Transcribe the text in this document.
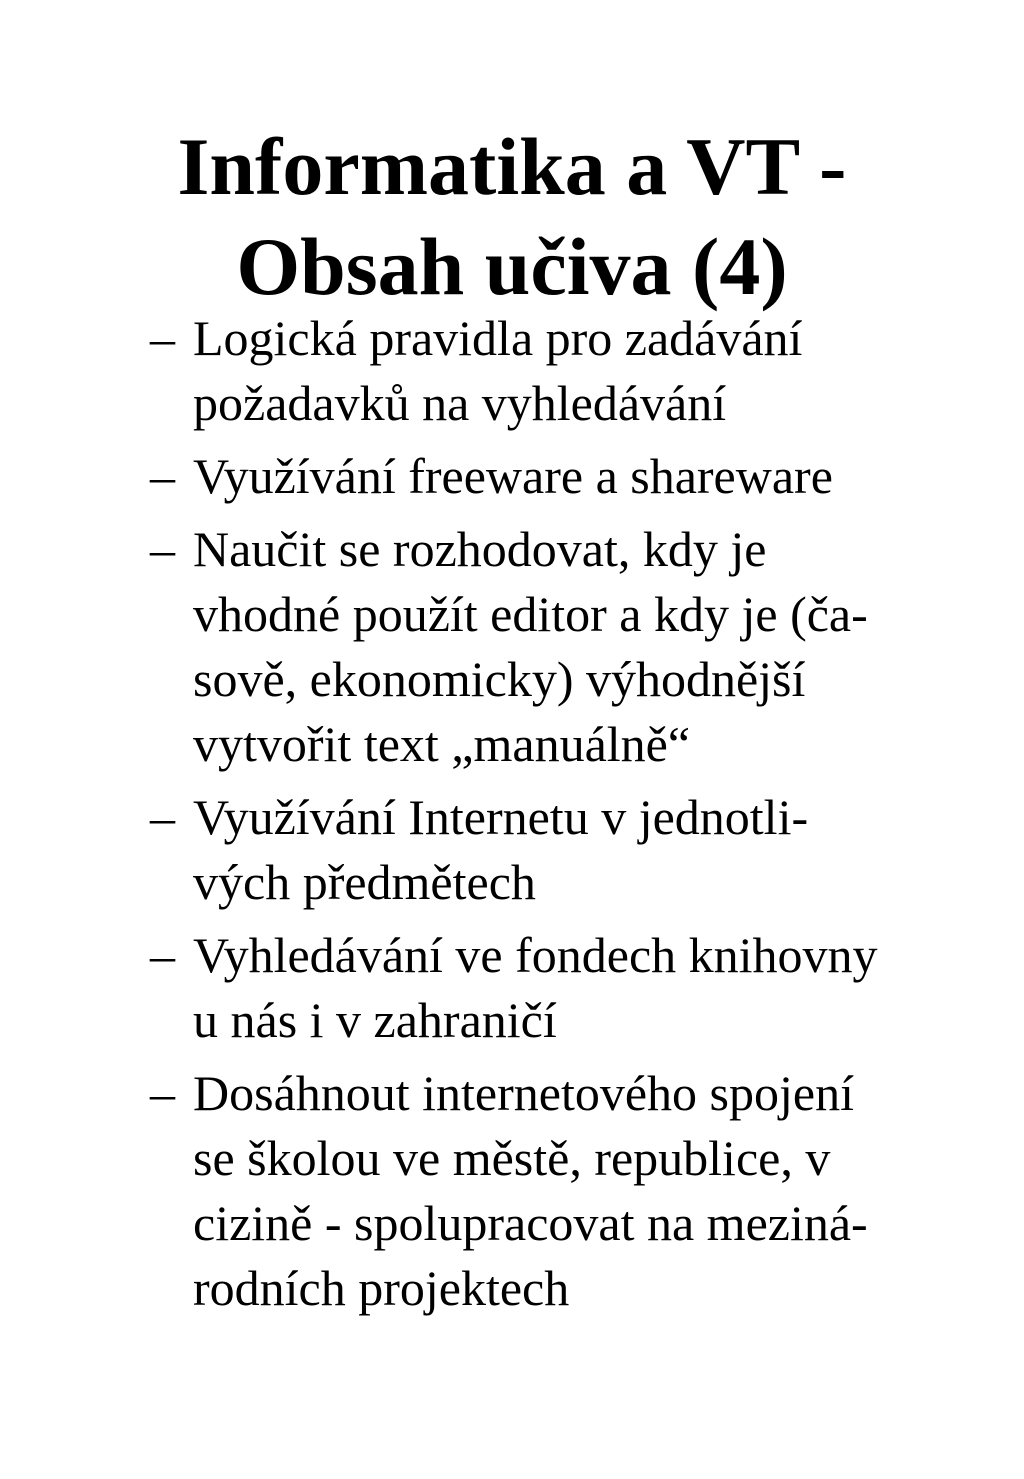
Informatika a VT -
Obsah učiva (4)
– Logická pravidla pro zadávání
požadavků na vyhledávání
– Využívání freeware a shareware
– Naučit se rozhodovat, kdy je
vhodné použít editor a kdy je (ča-
sově, ekonomicky) výhodnější
vytvořit text „manuálně“
– Využívání Internetu v jednotli-
vých předmětech
– Vyhledávání ve fondech knihovny
u nás i v zahraničí
– Dosáhnout internetového spojení
se školou ve městě, republice, v
cizině - spolupracovat na meziná-
rodních projektech
